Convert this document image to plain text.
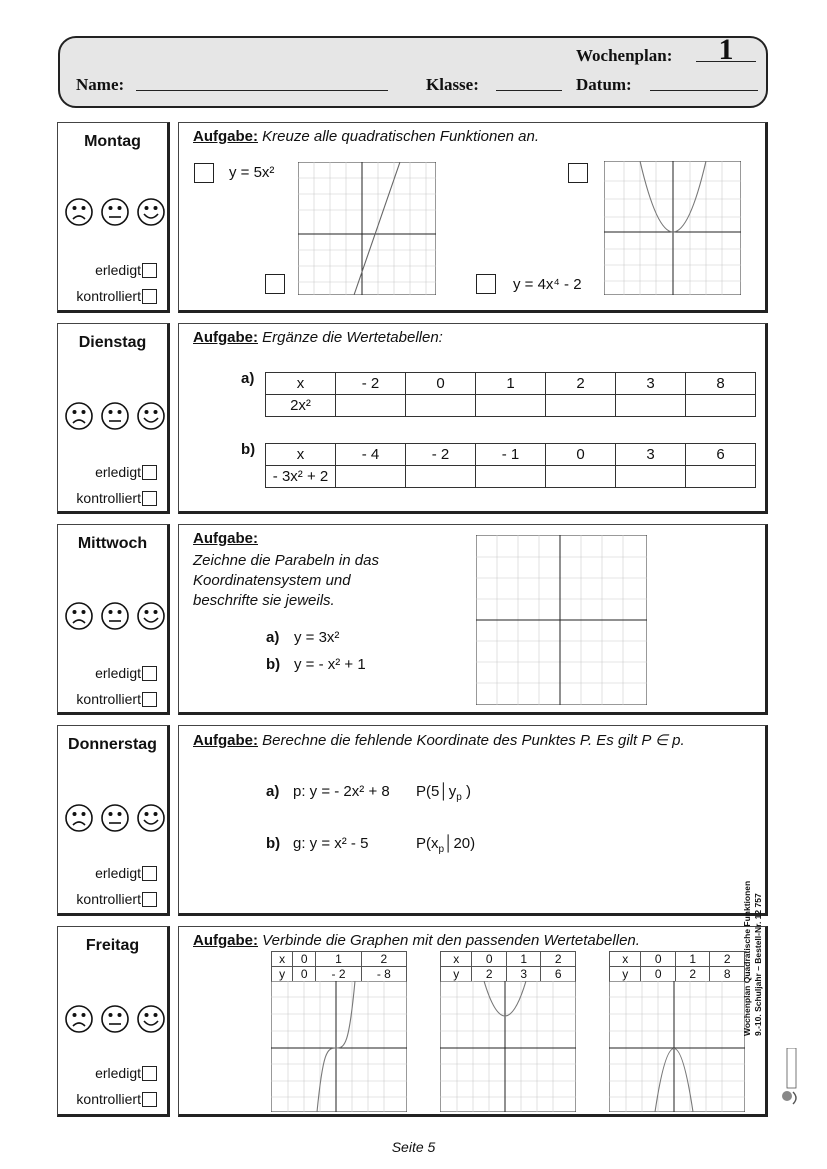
Wochenplan:	1
Name:	Klasse:	Datum:
Montag
erledigt
kontrolliert
Aufgabe: Kreuze alle quadratischen Funktionen an.
y = 5x²
y = 4x⁴ - 2
Dienstag
erledigt
kontrolliert
Aufgabe: Ergänze die Wertetabellen:
a)	x	- 2	0	1	2	3	8
2x²						
b)	x	- 4	- 2	- 1	0	3	6
- 3x² + 2						
Mittwoch
erledigt
kontrolliert
Aufgabe:
Zeichne die Parabeln in das
Koordinatensystem und
beschrifte sie jeweils.
a) y = 3x²
b) y = - x² + 1
Donnerstag
erledigt
kontrolliert
Aufgabe: Berechne die fehlende Koordinate des Punktes P. Es gilt P ∈ p.
a) p: y = - 2x² + 8 $P(5│y_p$ )
b) g: y = x² - 5	$P(x_p│20)$
Freitag
erledigt
kontrolliert
Aufgabe: Verbinde die Graphen mit den passenden Wertetabellen.
x	0	1	2
y	0	- 2	- 8
x	0	1	2
y	2	3	6
x	0	1	2
y	0	2	8 Wochenplan Quadratische Funktionen 9.-10. Schuljahr – Bestell-Nr. 12 757
Seite 5
